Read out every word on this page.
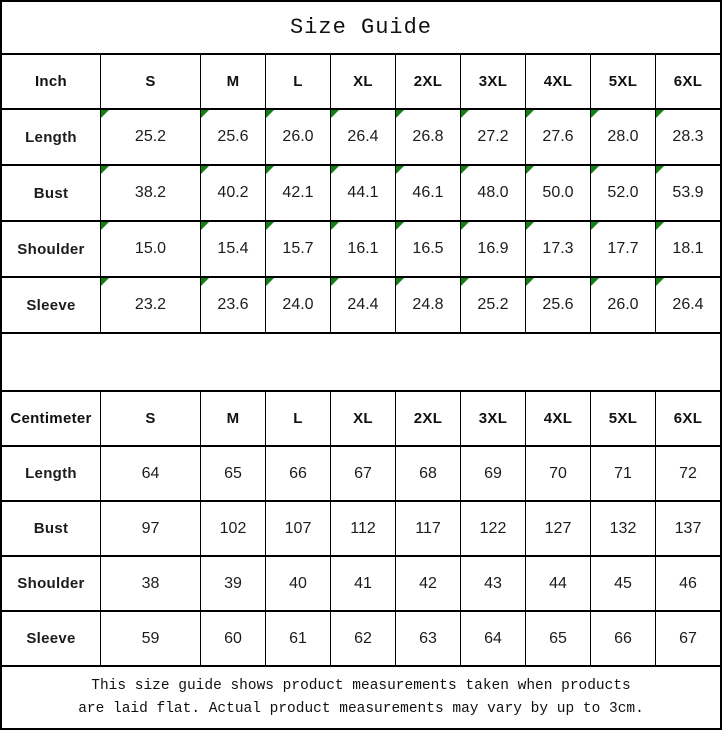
Size Guide
Inch	S	M	L	XL	2XL 3XL 4XL 5XL 6XL
Length	25.2	25.6 26.0 26.4 26.8 27.2 27.6 28.0 28.3
Bust	38.2	40.2 42.1 44.1 46.1 48.0 50.0 52.0 53.9
Shoulder	15.0	15.4 15.7 16.1 16.5 16.9 17.3 17.7 18.1
Sleeve	23.2	23.6 24.0 24.4 24.8 25.2 25.6 26.0 26.4
Centimeter	S	M	L	XL	2XL 3XL 4XL 5XL 6XL
Length	64	65	66	67	68	69	70	71	72
Bust	97	102 107 112 117 122 127 132 137
Shoulder	38	39	40	41	42	43	44	45	46
Sleeve	59	60	61	62	63	64	65	66	67
This size guide shows product measurements taken when products
are laid flat. Actual product measurements may vary by up to 3cm.
